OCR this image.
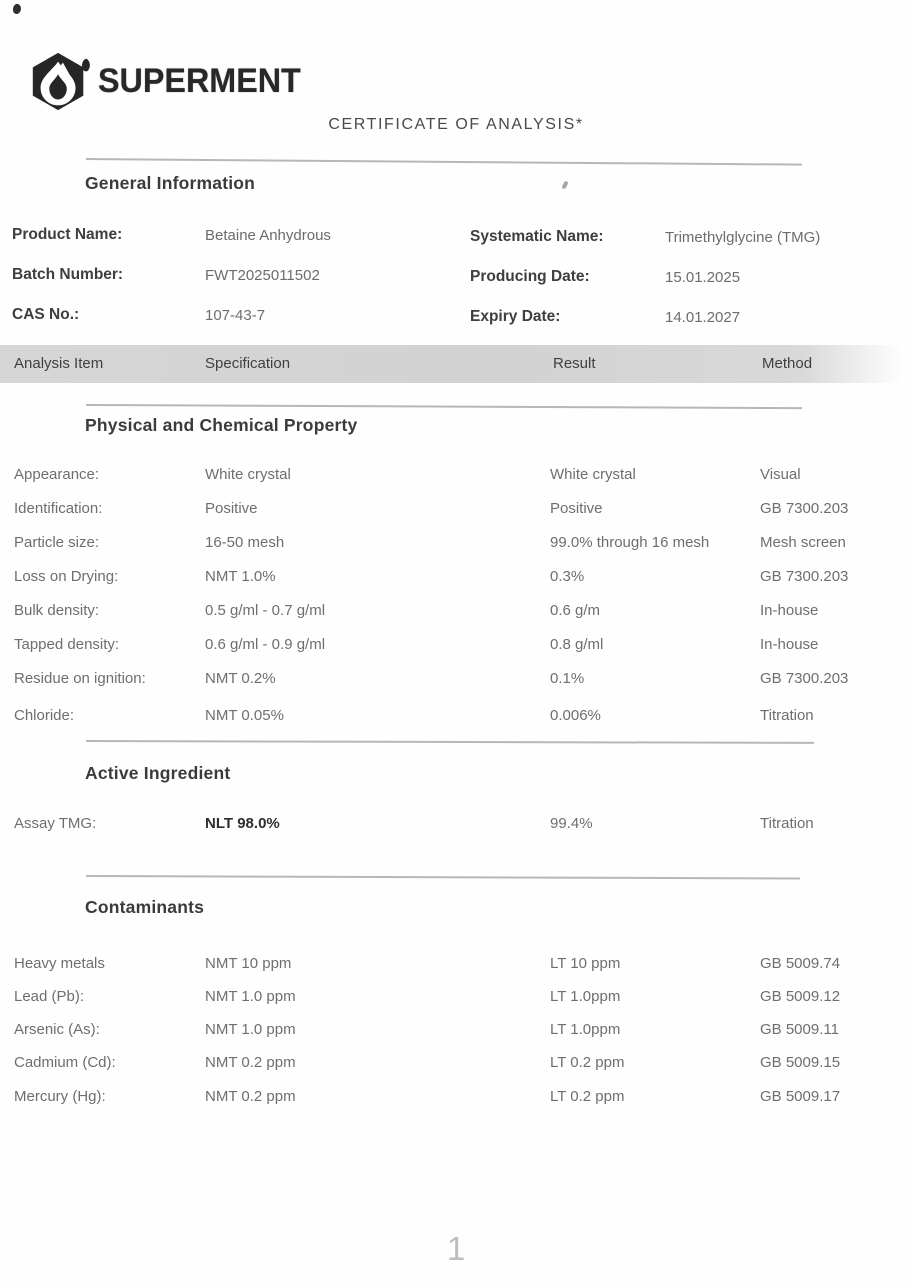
SUPERMENT
CERTIFICATE OF ANALYSIS*
General Information
Product Name:	Betaine Anhydrous
Batch Number:	FWT2025011502
CAS No.:	107-43-7
Systematic Name:	Trimethylglycine (TMG)
Producing Date:	15.01.2025
Expiry Date:	14.01.2027
Analysis Item	Specification	Result	Method
Physical and Chemical Property
Appearance:	White crystal	White crystal	Visual
Identification:	Positive	Positive	GB 7300.203
Particle size:	16-50 mesh	99.0% through 16 mesh	Mesh screen
Loss on Drying:	NMT 1.0%	0.3%	GB 7300.203
Bulk density:	0.5 g/ml - 0.7 g/ml	0.6 g/m	In-house
Tapped density:	0.6 g/ml - 0.9 g/ml	0.8 g/ml	In-house
Residue on ignition:	NMT 0.2%	0.1%	GB 7300.203
Chloride:	NMT 0.05%	0.006%	Titration
Active Ingredient
Assay TMG:	NLT 98.0%	99.4%	Titration
Contaminants
Heavy metals	NMT 10 ppm	LT 10 ppm	GB 5009.74
Lead (Pb):	NMT 1.0 ppm	LT 1.0ppm	GB 5009.12
Arsenic (As):	NMT 1.0 ppm	LT 1.0ppm	GB 5009.11
Cadmium (Cd):	NMT 0.2 ppm	LT 0.2 ppm	GB 5009.15
Mercury (Hg):	NMT 0.2 ppm	LT 0.2 ppm	GB 5009.17
1
